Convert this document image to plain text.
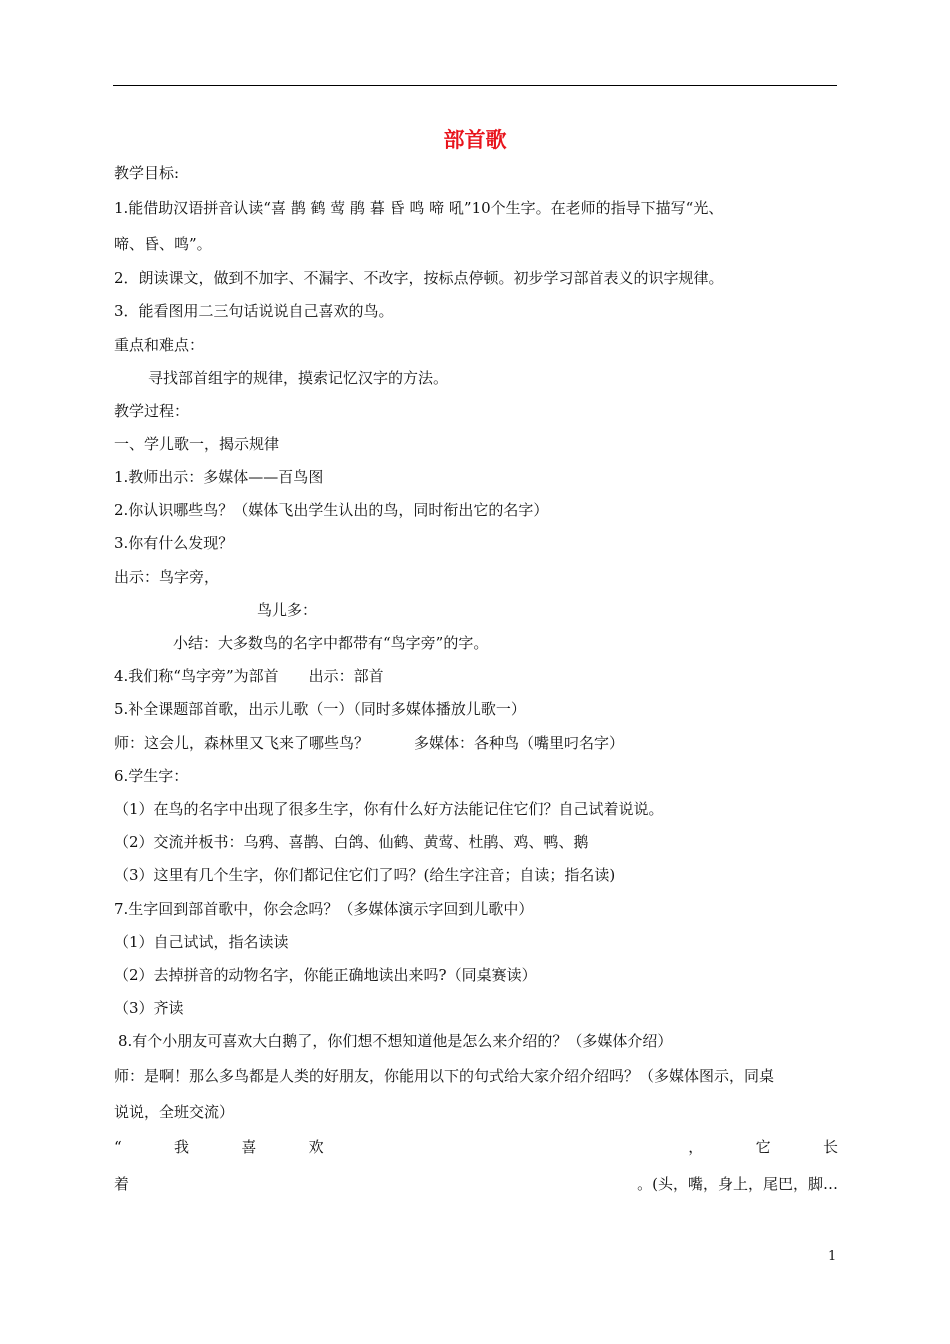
部首歌
教学目标:
1.能借助汉语拼音认读“喜 鹊 鹤 莺 鹃 暮 昏 鸣 啼 吼”10个生字。在老师的指导下描写“光、
啼、昏、鸣”。
2．朗读课文，做到不加字、不漏字、不改字，按标点停顿。初步学习部首表义的识字规律。
3．能看图用二三句话说说自己喜欢的鸟。
重点和难点：
寻找部首组字的规律，摸索记忆汉字的方法。
教学过程：
一、学儿歌一，揭示规律
1.教师出示：多媒体——百鸟图
2.你认识哪些鸟？（媒体飞出学生认出的鸟，同时衔出它的名字）
3.你有什么发现？
出示：鸟字旁，
鸟儿多：
小结：大多数鸟的名字中都带有“鸟字旁”的字。
4.我们称“鸟字旁”为部首　　出示：部首
5.补全课题部首歌，出示儿歌（一）（同时多媒体播放儿歌一）
师：这会儿，森林里又飞来了哪些鸟？　　　多媒体：各种鸟（嘴里叼名字）
6.学生字：
（1）在鸟的名字中出现了很多生字，你有什么好方法能记住它们？自己试着说说。
（2）交流并板书：乌鸦、喜鹊、白鸽、仙鹤、黄莺、杜鹃、鸡、鸭、鹅
（3）这里有几个生字，你们都记住它们了吗？(给生字注音；自读；指名读)
7.生字回到部首歌中，你会念吗？（多媒体演示字回到儿歌中）
（1）自己试试，指名读读
（2）去掉拼音的动物名字，你能正确地读出来吗?（同桌赛读）
（3）齐读
8.有个小朋友可喜欢大白鹅了，你们想不想知道他是怎么来介绍的？（多媒体介绍）
师：是啊！那么多鸟都是人类的好朋友，你能用以下的句式给大家介绍介绍吗？（多媒体图示，同桌
说说，全班交流）
“	我	喜	欢	，	它	长
着	。(头，嘴，身上，尾巴，脚…
1
